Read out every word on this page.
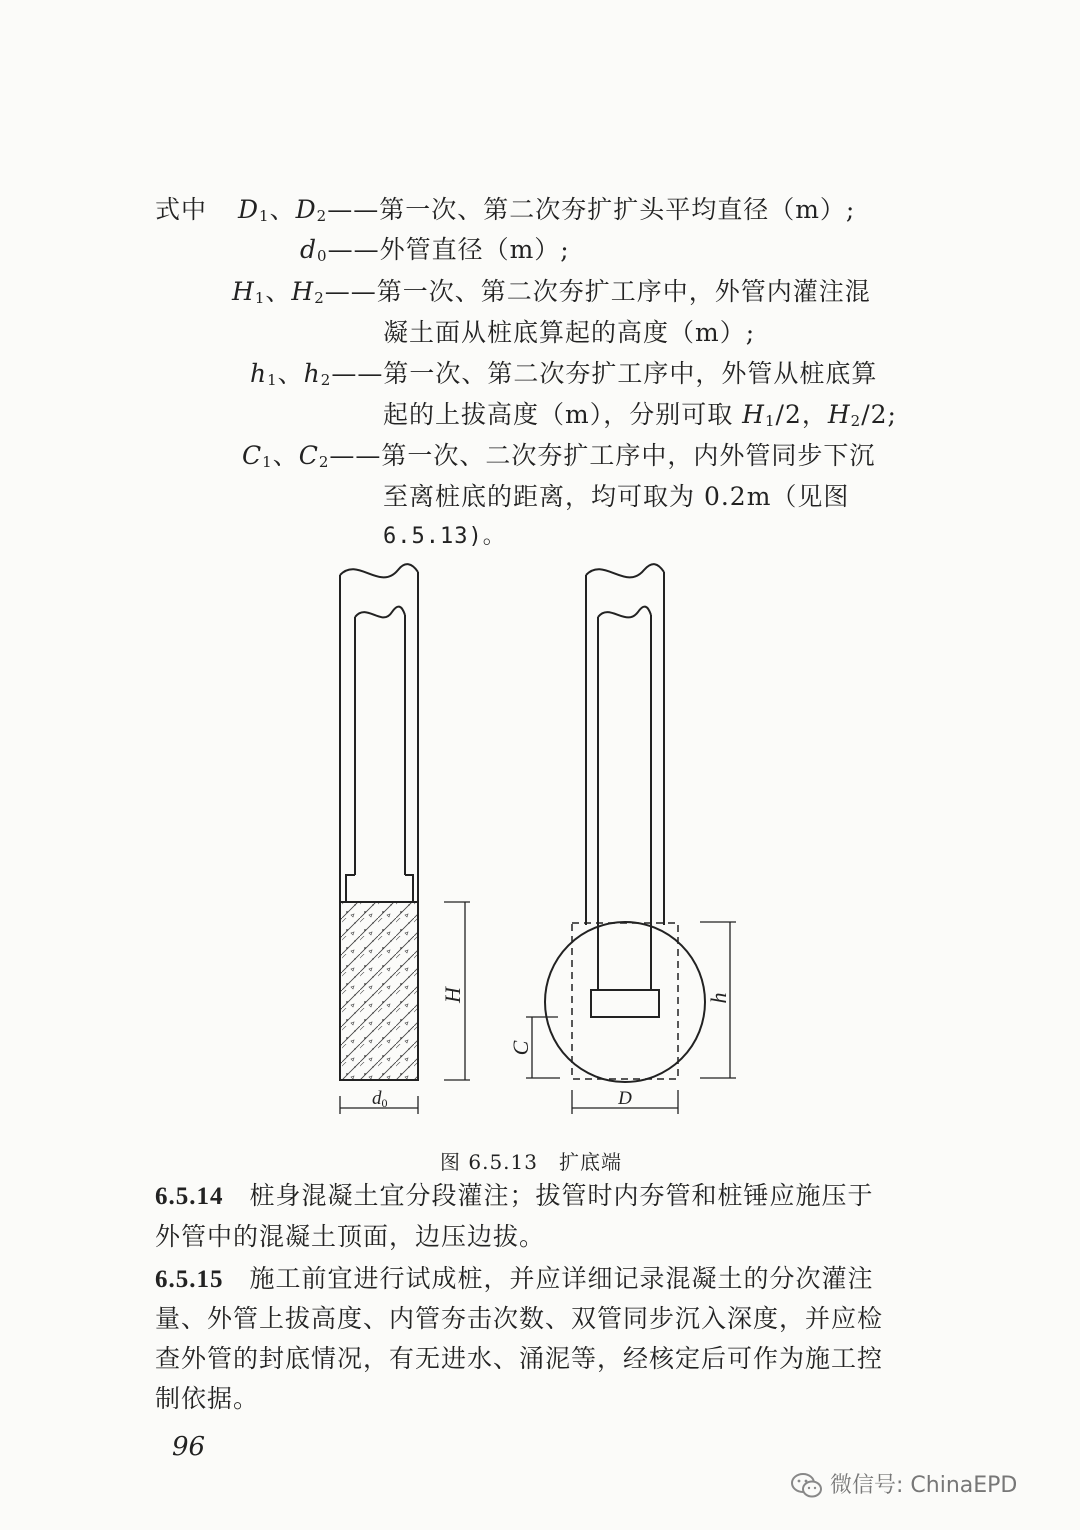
式中 $D_1$、$D_2——$第一次、第二次夯扩扩头平均直径（m）;
$d_0——$外管直径（m）;
$H_1$、$H_2——$第一次、第二次夯扩工序中，外管内灌注混
凝土面从桩底算起的高度（m）;
$h_1$、$h_2——$第一次、第二次夯扩工序中，外管从桩底算
起的上拔高度（m），分别可取 $H_1/2$，$H_2/2$;
$C_1$、$C_2——$第一次、二次夯扩工序中，内外管同步下沉
至离桩底的距离，均可取为 0.2m（见图
6.5.13)。
H
d0
h
C
D
图 6.5.13　扩底端
6.5.14　 桩身混凝土宜分段灌注；拔管时内夯管和桩锤应施压于
外管中的混凝土顶面，边压边拔。
6.5.15　 施工前宜进行试成桩，并应详细记录混凝土的分次灌注
量、外管上拔高度、内管夯击次数、双管同步沉入深度，并应检
查外管的封底情况，有无进水、涌泥等，经核定后可作为施工控
制依据。
96
微信号: ChinaEPD
